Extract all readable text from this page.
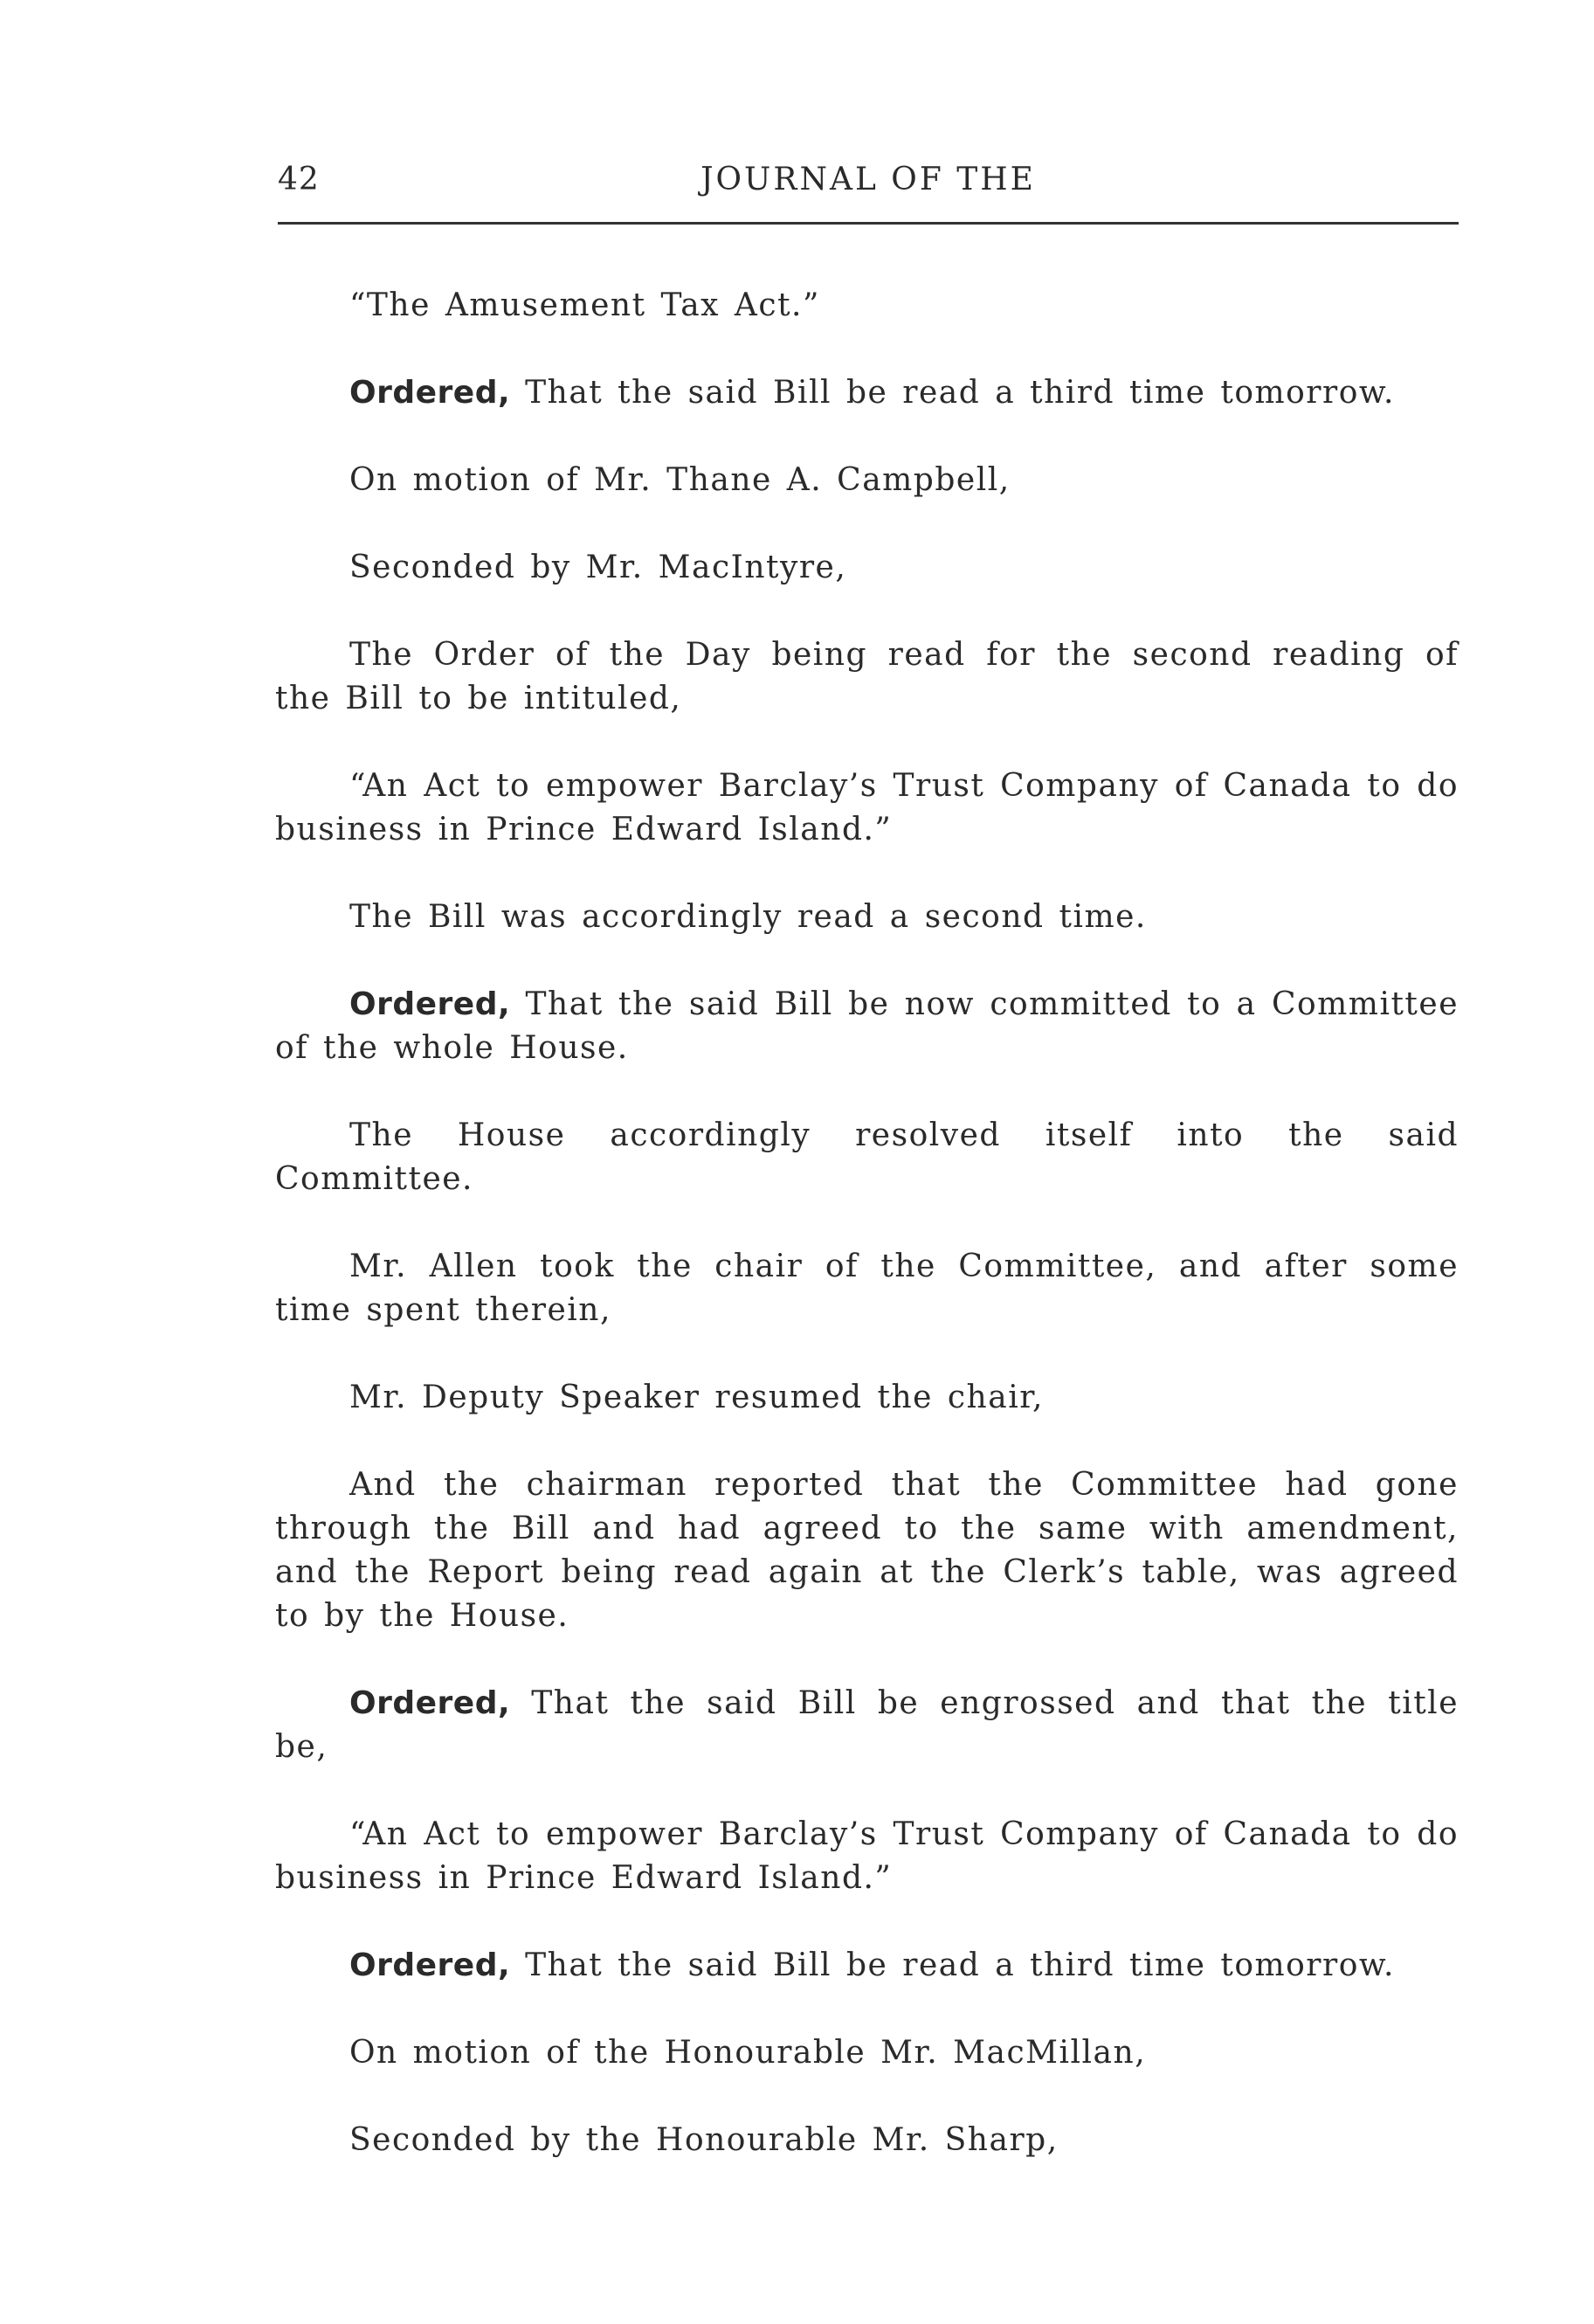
42	JOURNAL OF THE

“The Amusement Tax Act.”

Ordered, That the said Bill be read a third time tomorrow.

On motion of Mr. Thane A. Campbell,

Seconded by Mr. MacIntyre,

The Order of the Day being read for the second reading of the Bill to be intituled,

“An Act to empower Barclay’s Trust Company of Canada to do business in Prince Edward Island.”

The Bill was accordingly read a second time.

Ordered, That the said Bill be now committed to a Committee of the whole House.

The House accordingly resolved itself into the said Committee.

Mr. Allen took the chair of the Committee, and after some time spent therein,

Mr. Deputy Speaker resumed the chair,

And the chairman reported that the Committee had gone through the Bill and had agreed to the same with amendment, and the Report being read again at the Clerk’s table, was agreed to by the House.

Ordered, That the said Bill be engrossed and that the title be,

“An Act to empower Barclay’s Trust Company of Canada to do business in Prince Edward Island.”

Ordered, That the said Bill be read a third time tomorrow.

On motion of the Honourable Mr. MacMillan,

Seconded by the Honourable Mr. Sharp,
